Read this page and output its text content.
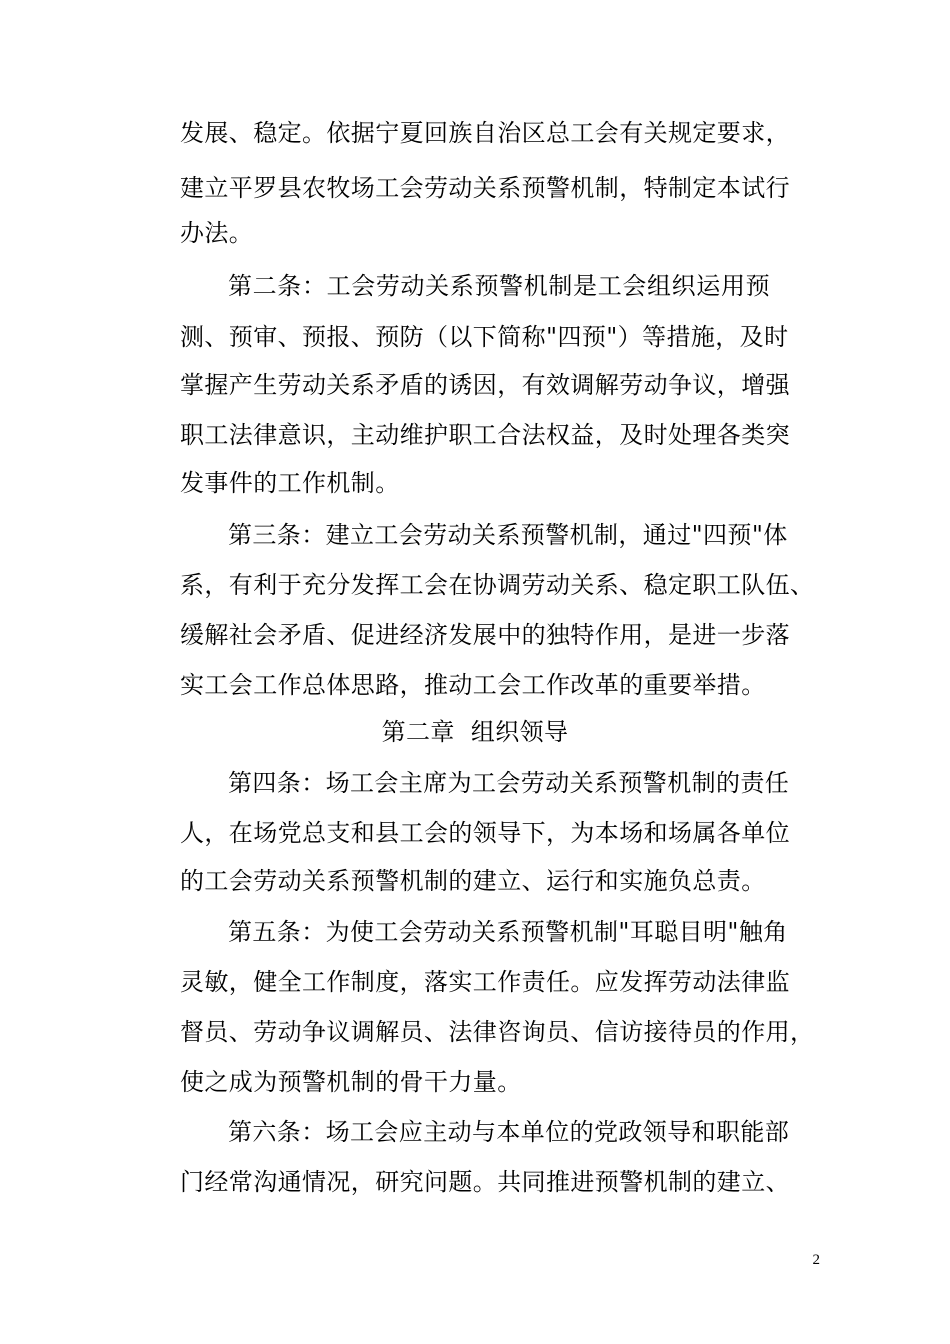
发展、稳定。依据宁夏回族自治区总工会有关规定要求，
建立平罗县农牧场工会劳动关系预警机制，特制定本试行
办法。
第二条：工会劳动关系预警机制是工会组织运用预
测、预审、预报、预防（以下简称"四预"）等措施，及时
掌握产生劳动关系矛盾的诱因，有效调解劳动争议，增强
职工法律意识，主动维护职工合法权益，及时处理各类突
发事件的工作机制。
第三条：建立工会劳动关系预警机制，通过"四预"体
系，有利于充分发挥工会在协调劳动关系、稳定职工队伍、
缓解社会矛盾、促进经济发展中的独特作用，是进一步落
实工会工作总体思路，推动工会工作改革的重要举措。
第二章  组织领导
第四条：场工会主席为工会劳动关系预警机制的责任
人，在场党总支和县工会的领导下，为本场和场属各单位
的工会劳动关系预警机制的建立、运行和实施负总责。
第五条：为使工会劳动关系预警机制"耳聪目明"触角
灵敏，健全工作制度，落实工作责任。应发挥劳动法律监
督员、劳动争议调解员、法律咨询员、信访接待员的作用，
使之成为预警机制的骨干力量。
第六条：场工会应主动与本单位的党政领导和职能部
门经常沟通情况，研究问题。共同推进预警机制的建立、
2
